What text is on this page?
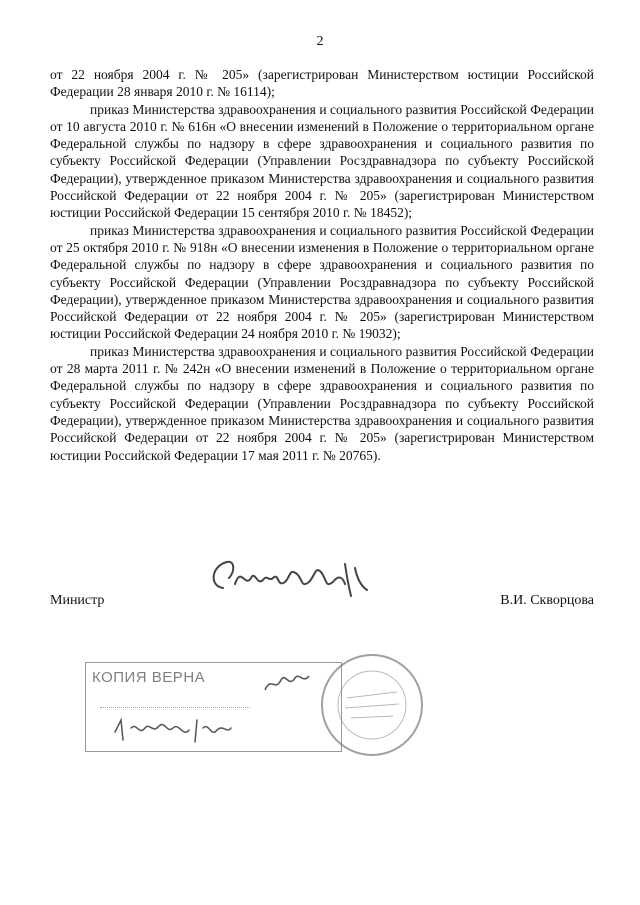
2

от 22 ноября 2004 г. № 205» (зарегистрирован Министерством юстиции Российской Федерации 28 января 2010 г. № 16114);

приказ Министерства здравоохранения и социального развития Российской Федерации от 10 августа 2010 г. № 616н «О внесении изменений в Положение о территориальном органе Федеральной службы по надзору в сфере здравоохранения и социального развития по субъекту Российской Федерации (Управлении Росздравнадзора по субъекту Российской Федерации), утвержденное приказом Министерства здравоохранения и социального развития Российской Федерации от 22 ноября 2004 г. № 205» (зарегистрирован Министерством юстиции Российской Федерации 15 сентября 2010 г. № 18452);

приказ Министерства здравоохранения и социального развития Российской Федерации от 25 октября 2010 г. № 918н «О внесении изменения в Положение о территориальном органе Федеральной службы по надзору в сфере здравоохранения и социального развития по субъекту Российской Федерации (Управлении Росздравнадзора по субъекту Российской Федерации), утвержденное приказом Министерства здравоохранения и социального развития Российской Федерации от 22 ноября 2004 г. № 205» (зарегистрирован Министерством юстиции Российской Федерации 24 ноября 2010 г. № 19032);

приказ Министерства здравоохранения и социального развития Российской Федерации от 28 марта 2011 г. № 242н «О внесении изменений в Положение о территориальном органе Федеральной службы по надзору в сфере здравоохранения и социального развития по субъекту Российской Федерации (Управлении Росздравнадзора по субъекту Российской Федерации), утвержденное приказом Министерства здравоохранения и социального развития Российской Федерации от 22 ноября 2004 г. № 205» (зарегистрирован Министерством юстиции Российской Федерации 17 мая 2011 г. № 20765).

Министр	В.И. Скворцова
КОПИЯ ВЕРНА
